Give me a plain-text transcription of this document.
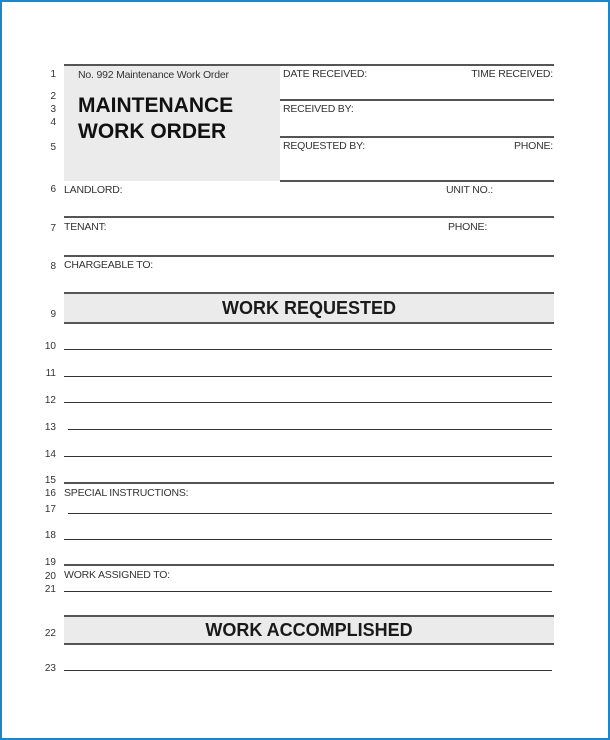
No. 992 Maintenance Work Order
MAINTENANCE
WORK ORDER
DATE RECEIVED:	TIME RECEIVED:
RECEIVED BY:
REQUESTED BY:	PHONE:
LANDLORD:	UNIT NO.:
TENANT:	PHONE:
CHARGEABLE TO:
WORK REQUESTED
SPECIAL INSTRUCTIONS:
WORK ASSIGNED TO:
WORK ACCOMPLISHED
1
2
3
4
5
6
7
8
9
10
11
12
13
14
15
16
17
18
19
20
21
22
23
